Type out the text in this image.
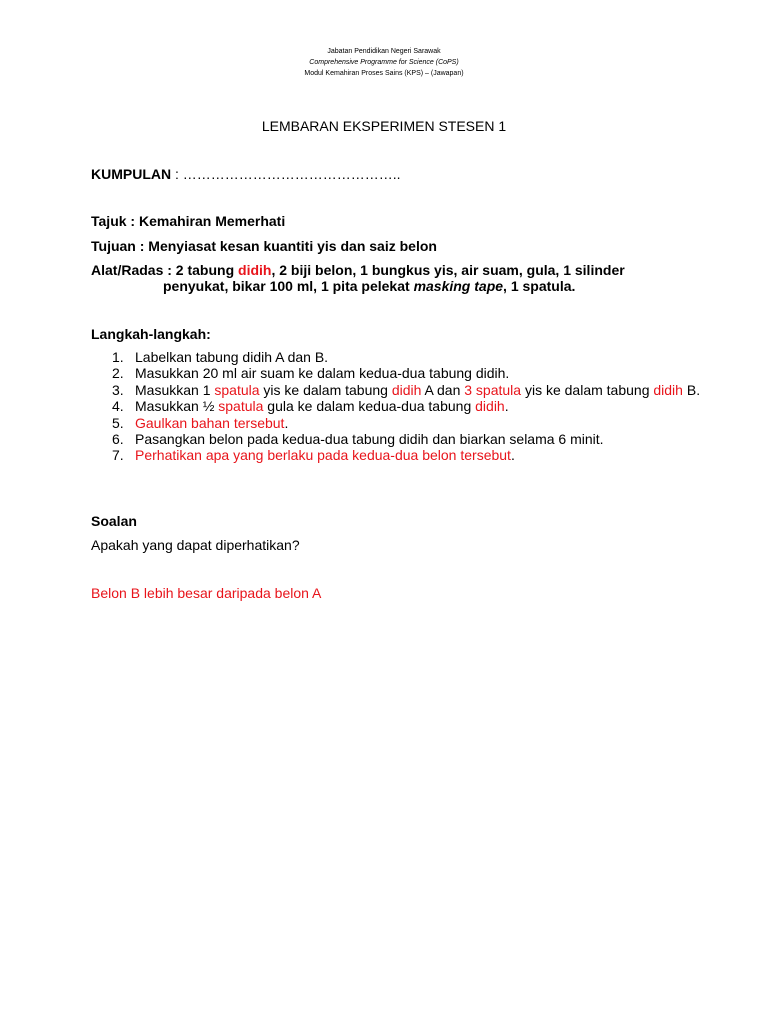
Jabatan Pendidikan Negeri Sarawak
Comprehensive Programme for Science (CoPS)
Modul Kemahiran Proses Sains (KPS) – (Jawapan)
LEMBARAN EKSPERIMEN STESEN 1
KUMPULAN : ………………………………………..
Tajuk : Kemahiran Memerhati
Tujuan : Menyiasat kesan kuantiti yis dan saiz belon
Alat/Radas : 2 tabung didih, 2 biji belon, 1 bungkus yis, air suam, gula, 1 silinder
penyukat, bikar 100 ml, 1 pita pelekat masking tape, 1 spatula.
Langkah-langkah:
1. Labelkan tabung didih A dan B.
2. Masukkan 20 ml air suam ke dalam kedua-dua tabung didih.
3. Masukkan 1 spatula yis ke dalam tabung didih A dan 3 spatula yis ke dalam tabung didih B.
4. Masukkan ½ spatula gula ke dalam kedua-dua tabung didih.
5. Gaulkan bahan tersebut.
6. Pasangkan belon pada kedua-dua tabung didih dan biarkan selama 6 minit.
7. Perhatikan apa yang berlaku pada kedua-dua belon tersebut.
Soalan
Apakah yang dapat diperhatikan?
Belon B lebih besar daripada belon A
